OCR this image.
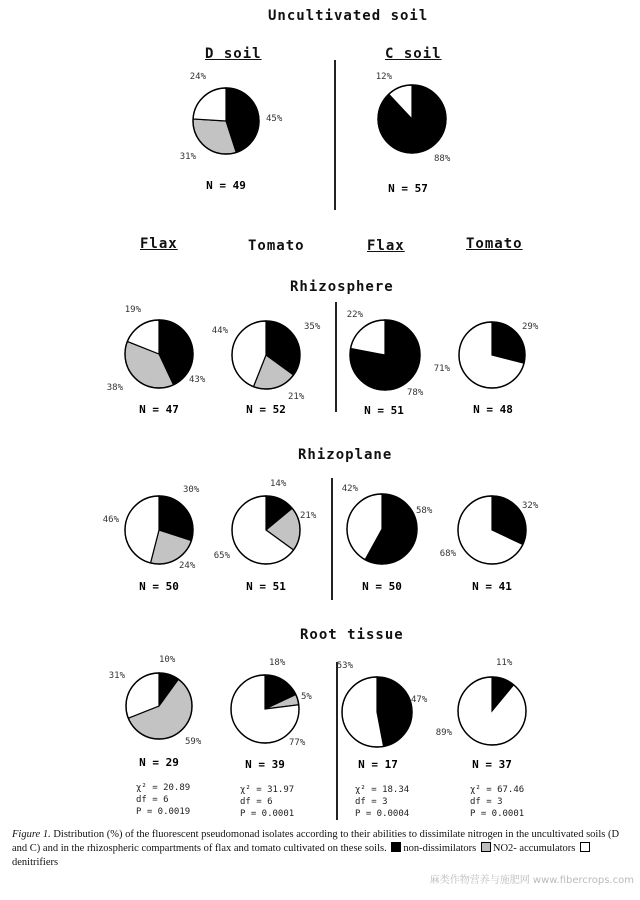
Uncultivated soil
D soil	C soil
Flax	Tomato	Flax	Tomato
Rhizosphere
Rhizoplane
Root tissue
45%
31%
24%
N = 49
88%
12%
N = 57
43%
38%
19%
N = 47
35%
21%
44%
N = 52
78%
22%
N = 51
29%
71%
N = 48
30%
24%
46%
N = 50
14%
21%
65%
N = 51
58%
42%
N = 50
32%
68%
N = 41
10%
59%
31%
N = 29
χ² = 20.89
df = 6
P = 0.0019
18%
5%
77%
N = 39
χ² = 31.97
df = 6
P = 0.0001
47%
53%
N = 17
χ² = 18.34
df = 3
P = 0.0004
11%
89%
N = 37
χ² = 67.46
df = 3
P = 0.0001
Figure 1. Distribution (%) of the fluorescent pseudomonad isolates according to their abilities to dissimilate nitrogen in the uncultivated soils (D and C) and in the rhizospheric compartments of flax and tomato cultivated on these soils. non-dissimilators NO2- accumulators denitrifiers
麻类作物营养与施肥网 www.fibercrops.com
